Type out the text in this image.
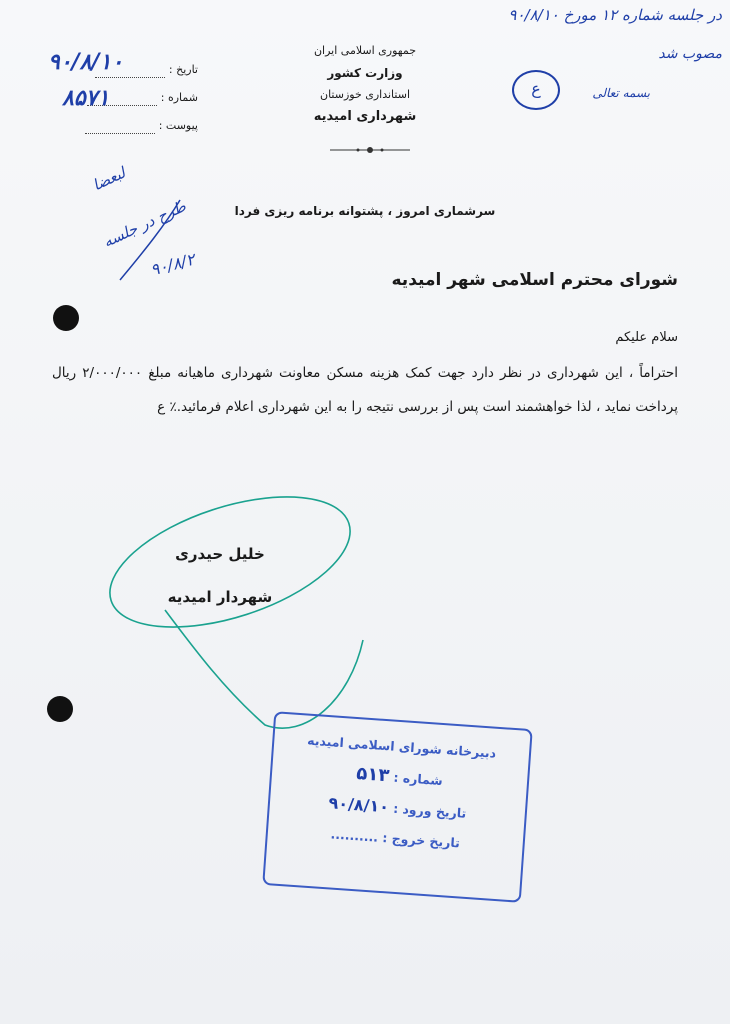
در جلسه شماره ۱۲ مورخ ۹۰/۸/۱۰
مصوب شد
بسمه تعالی
ع
جمهوری اسلامی ایران
وزارت کشور
استانداری خوزستان
شهرداری امیدیه
تاریخ :
شماره :
پیوست :
۹۰/۸/۱۰
۸۵۷۱
لبعضا
طرح در جلسه
۹۰/۸/۲
سرشماری امروز ، پشتوانه برنامه ریزی فردا
شورای محترم اسلامی شهر امیدیه
سلام علیکم
احتراماً ، این شهرداری در نظر دارد جهت کمک هزینه مسکن معاونت شهرداری ماهیانه مبلغ ۲/۰۰۰/۰۰۰ ریال پرداخت نماید ، لذا خواهشمند است پس از بررسی نتیجه را به این شهرداری اعلام فرمائید.٪ ع
خلیل حیدری
شهردار امیدیه
دبیرخانه شورای اسلامی امیدیه
شماره : ۵۱۳
تاریخ ورود : ۹۰/۸/۱۰
تاریخ خروج : ..........
